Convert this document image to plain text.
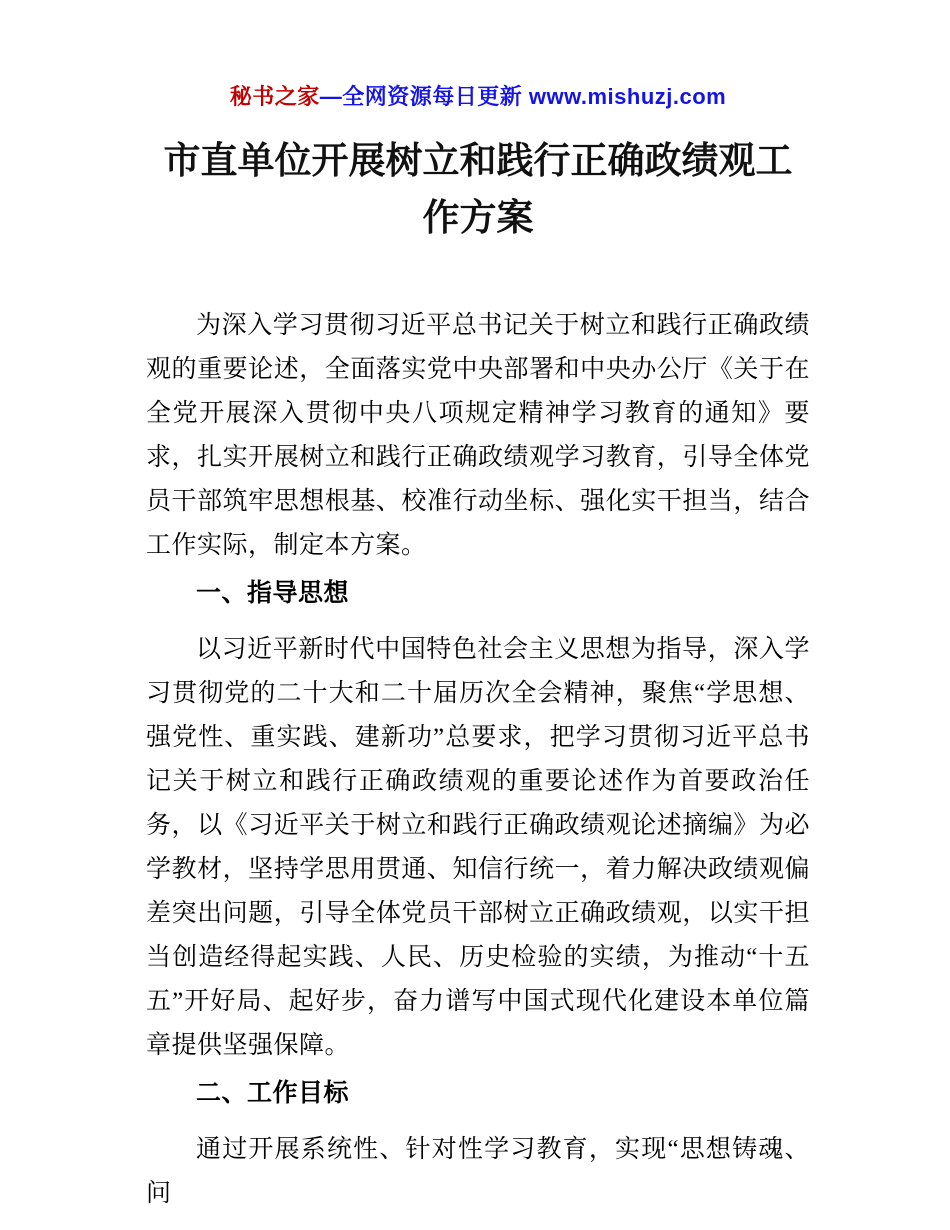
秘书之家—全网资源每日更新 www.mishuzj.com
市直单位开展树立和践行正确政绩观工作方案

为深入学习贯彻习近平总书记关于树立和践行正确政绩观的重要论述，全面落实党中央部署和中央办公厅《关于在全党开展深入贯彻中央八项规定精神学习教育的通知》要求，扎实开展树立和践行正确政绩观学习教育，引导全体党员干部筑牢思想根基、校准行动坐标、强化实干担当，结合工作实际，制定本方案。

一、指导思想

以习近平新时代中国特色社会主义思想为指导，深入学习贯彻党的二十大和二十届历次全会精神，聚焦“学思想、强党性、重实践、建新功”总要求，把学习贯彻习近平总书记关于树立和践行正确政绩观的重要论述作为首要政治任务，以《习近平关于树立和践行正确政绩观论述摘编》为必学教材，坚持学思用贯通、知信行统一，着力解决政绩观偏差突出问题，引导全体党员干部树立正确政绩观，以实干担当创造经得起实践、人民、历史检验的实绩，为推动“十五五”开好局、起好步，奋力谱写中国式现代化建设本单位篇章提供坚强保障。

二、工作目标

通过开展系统性、针对性学习教育，实现“思想铸魂、问
